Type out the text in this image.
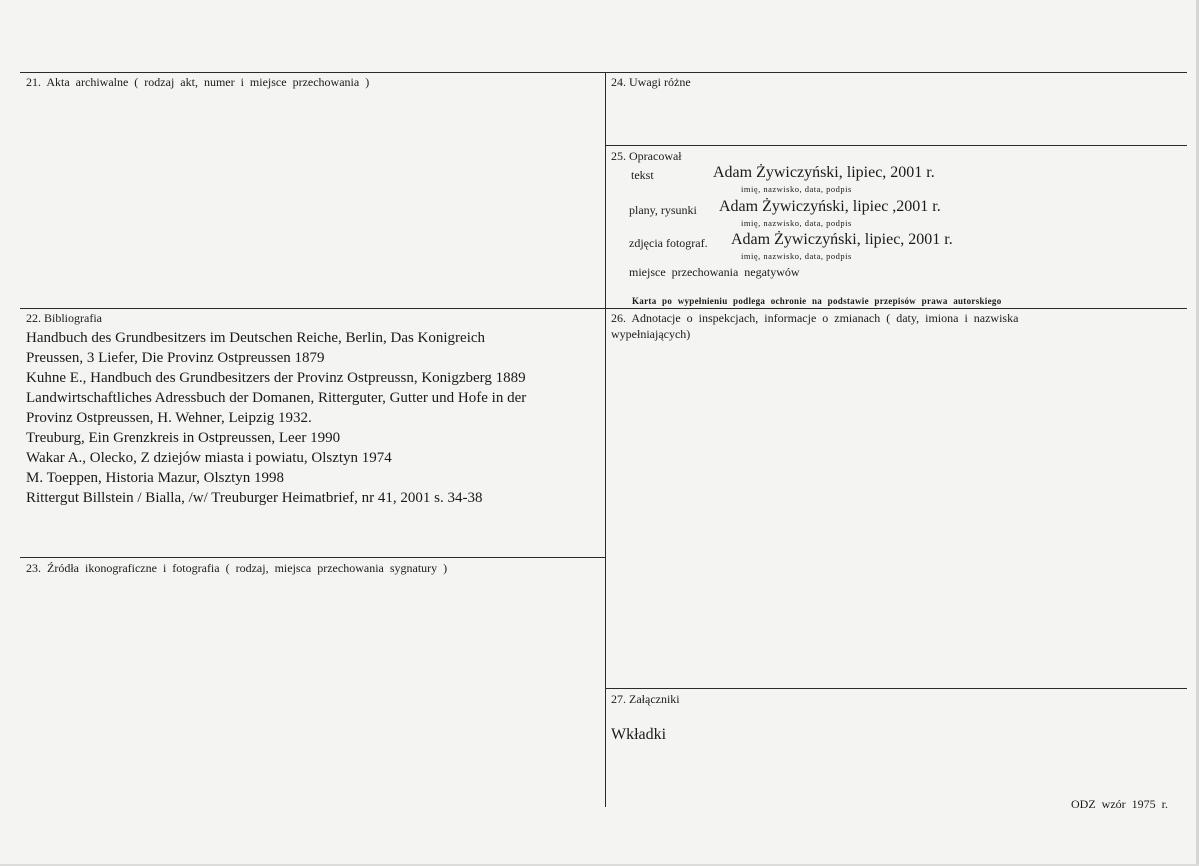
21. Akta archiwalne ( rodzaj akt, numer i miejsce przechowania )
22. Bibliografia
Handbuch des Grundbesitzers im Deutschen Reiche, Berlin, Das Konigreich
Preussen, 3 Liefer, Die Provinz Ostpreussen 1879
Kuhne E., Handbuch des Grundbesitzers der Provinz Ostpreussn, Konigzberg 1889
Landwirtschaftliches Adressbuch der Domanen, Ritterguter, Gutter und Hofe in der
Provinz Ostpreussen, H. Wehner, Leipzig 1932.
Treuburg, Ein Grenzkreis in Ostpreussen, Leer 1990
Wakar A., Olecko, Z dziejów miasta i powiatu, Olsztyn 1974
M. Toeppen, Historia Mazur, Olsztyn 1998
Rittergut Billstein / Bialla, /w/ Treuburger Heimatbrief, nr 41, 2001 s. 34-38
23. Źródła ikonograficzne i fotografia ( rodzaj, miejsca przechowania sygnatury )
24. Uwagi różne
25. Opracował
tekst	Adam Żywiczyński, lipiec, 2001 r.
imię, nazwisko, data, podpis
plany, rysunki Adam Żywiczyński, lipiec ,2001 r.
imię, nazwisko, data, podpis
zdjęcia fotograf. Adam Żywiczyński, lipiec, 2001 r.
imię, nazwisko, data, podpis
miejsce przechowania negatywów
Karta po wypełnieniu podlega ochronie na podstawie przepisów prawa autorskiego
26. Adnotacje o inspekcjach, informacje o zmianach ( daty, imiona i nazwiska
wypełniających)
27. Załączniki
Wkładki
ODZ wzór 1975 r.
